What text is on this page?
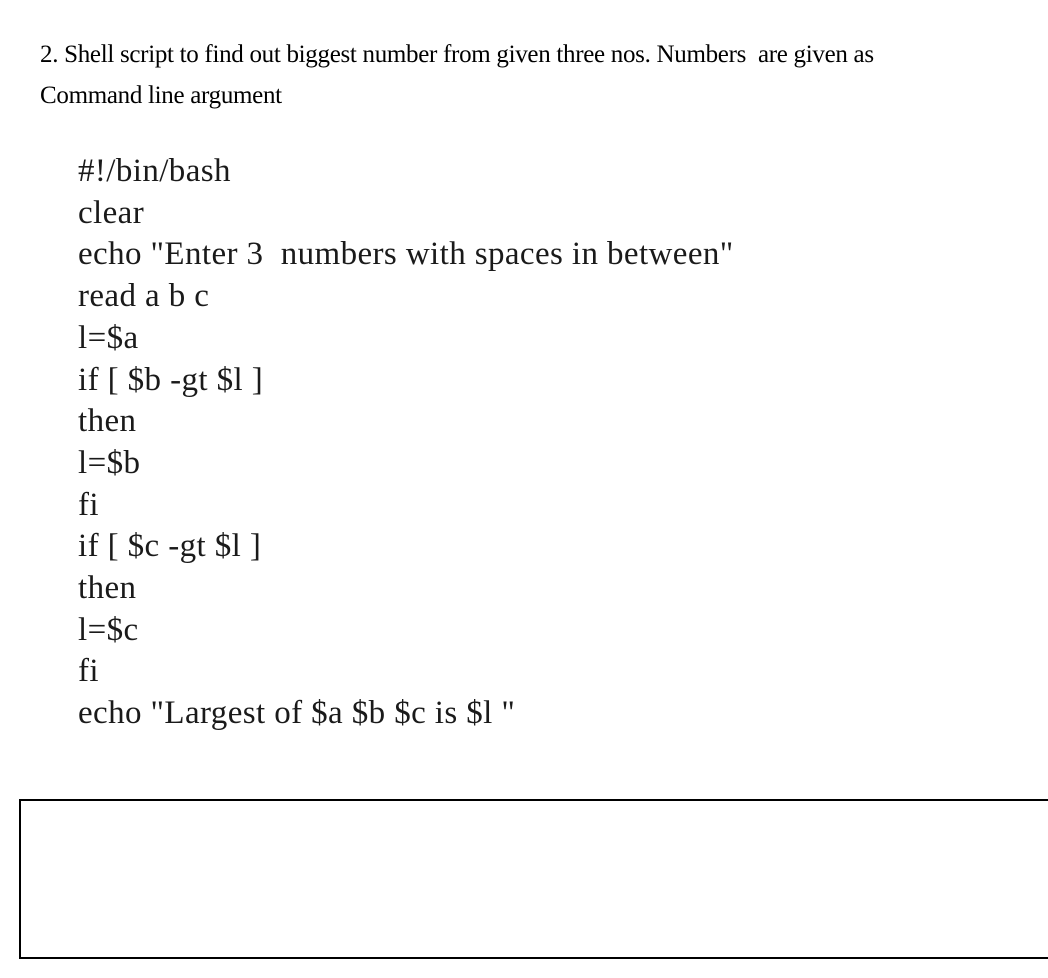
2. Shell script to find out biggest number from given three nos. Numbers  are given as
Command line argument
#!/bin/bash
clear
echo "Enter 3  numbers with spaces in between"
read a b c
l=$a
if [ $b -gt $l ]
then
l=$b
fi
if [ $c -gt $l ]
then
l=$c
fi
echo "Largest of $a $b $c is $l "
